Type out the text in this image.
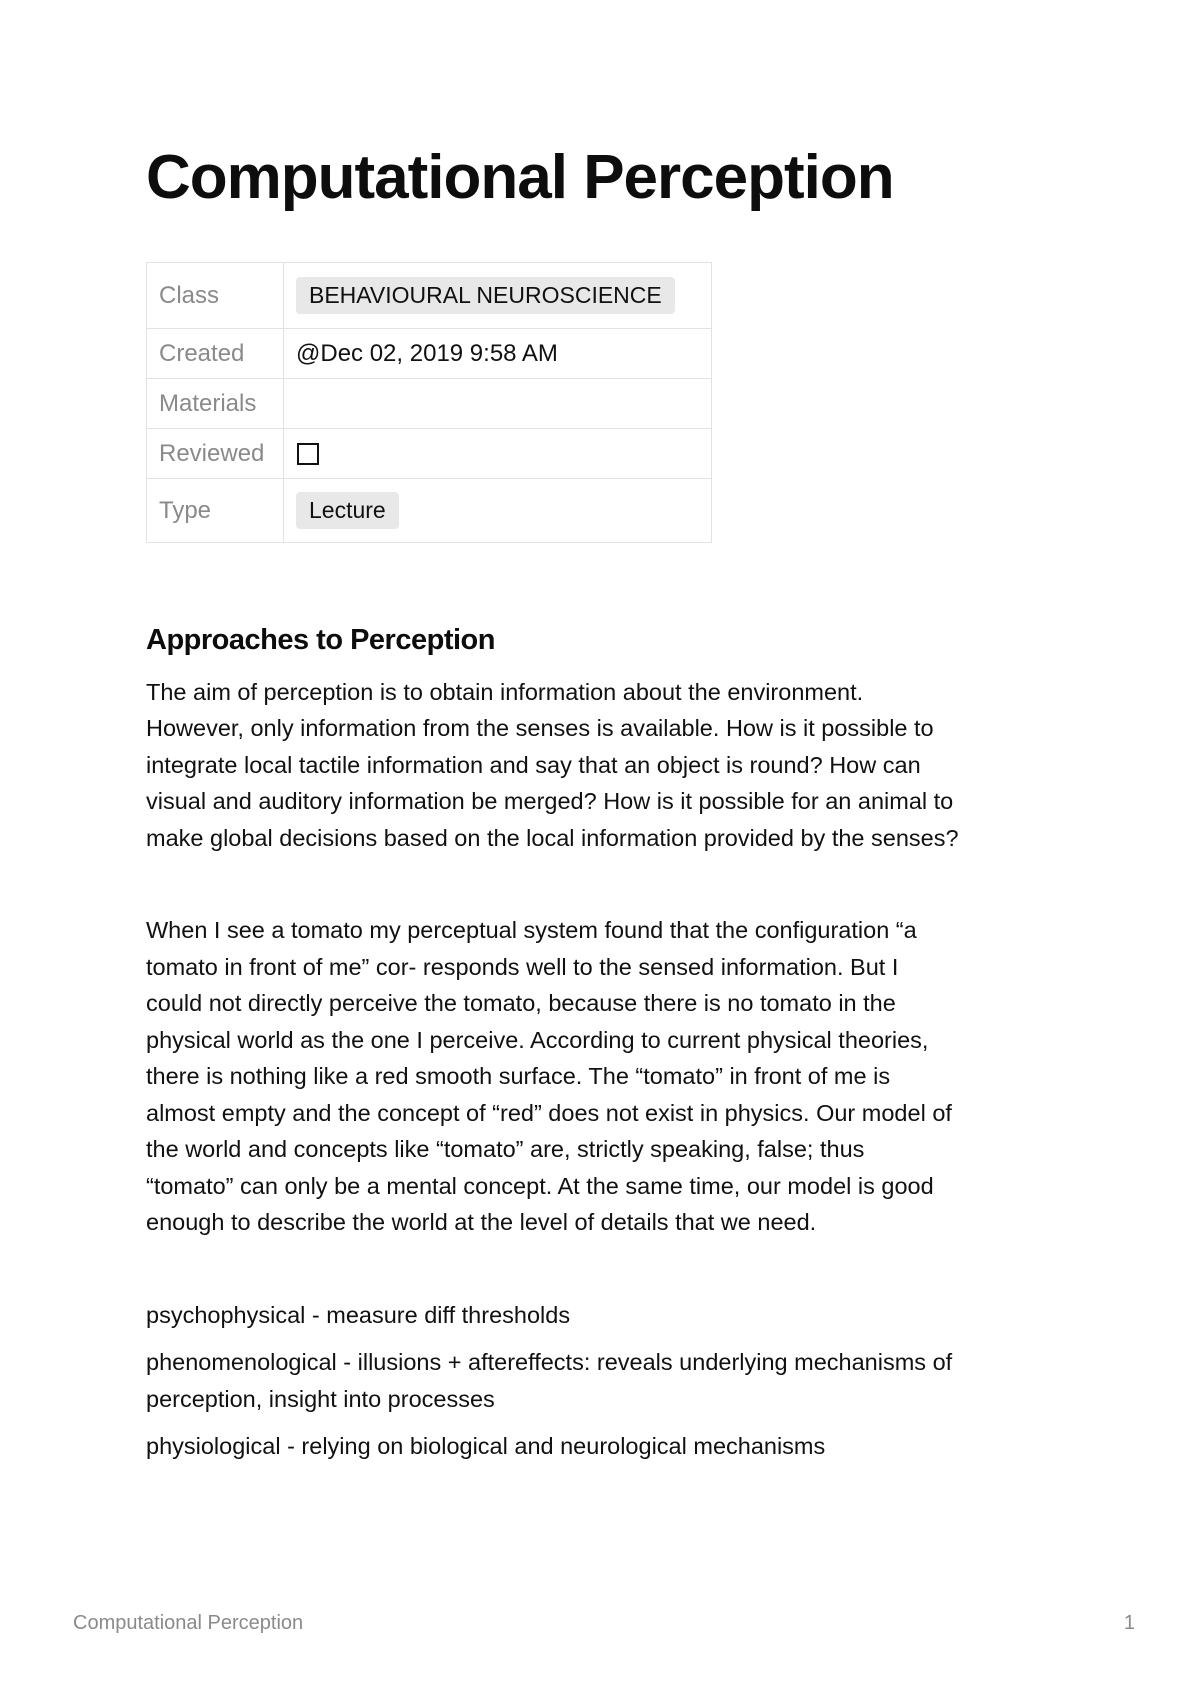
Computational Perception
Class	BEHAVIOURAL NEUROSCIENCE
Created	@Dec 02, 2019 9:58 AM
Materials	
Reviewed	
Type	Lecture
Approaches to Perception

The aim of perception is to obtain information about the environment.
However, only information from the senses is available. How is it possible to
integrate local tactile information and say that an object is round? How can
visual and auditory information be merged? How is it possible for an animal to
make global decisions based on the local information provided by the senses?

When I see a tomato my perceptual system found that the configuration “a
tomato in front of me” cor- responds well to the sensed information. But I
could not directly perceive the tomato, because there is no tomato in the
physical world as the one I perceive. According to current physical theories,
there is nothing like a red smooth surface. The “tomato” in front of me is
almost empty and the concept of “red” does not exist in physics. Our model of
the world and concepts like “tomato” are, strictly speaking, false; thus
“tomato” can only be a mental concept. At the same time, our model is good
enough to describe the world at the level of details that we need.

psychophysical - measure diff thresholds

phenomenological - illusions + aftereffects: reveals underlying mechanisms of
perception, insight into processes

physiological - relying on biological and neurological mechanisms

Computational Perception	1
